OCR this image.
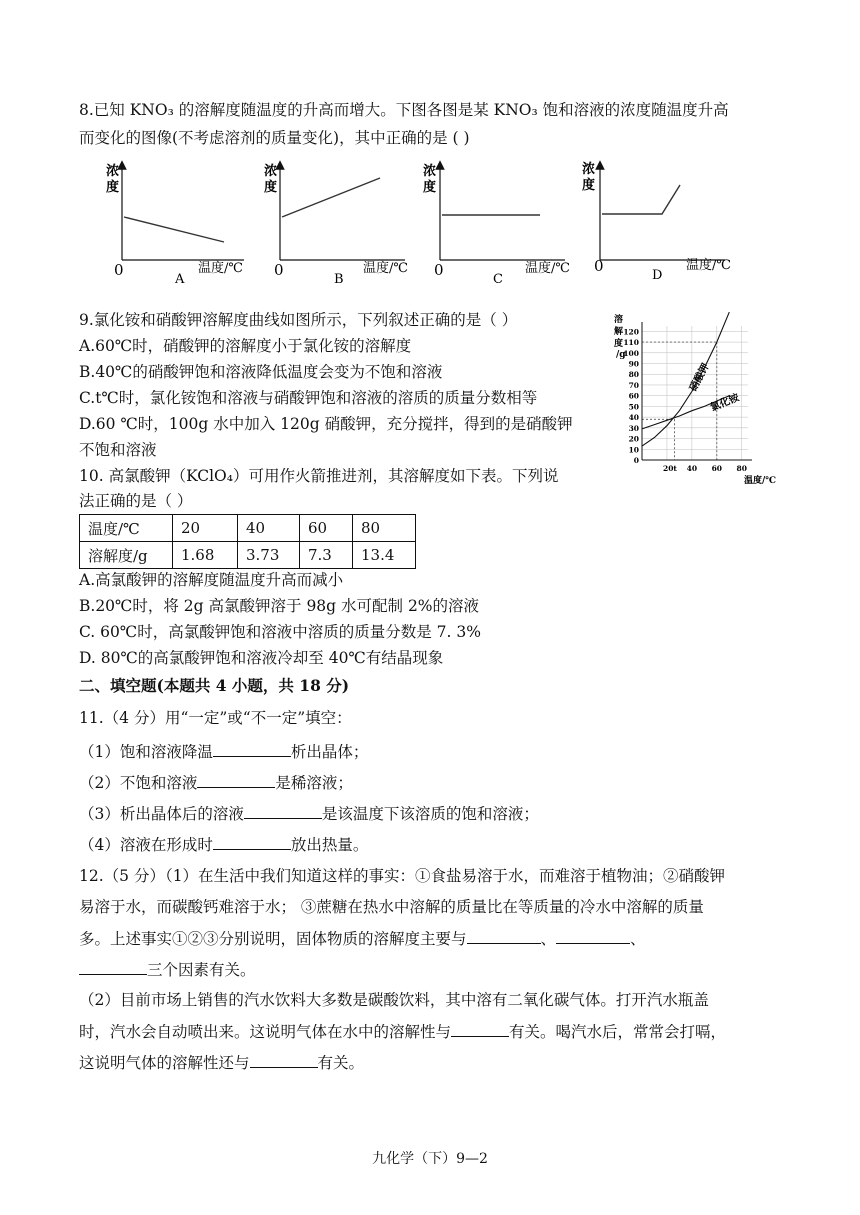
8.已知 KNO₃ 的溶解度随温度的升高而增大。下图各图是某 KNO₃ 饱和溶液的浓度随温度升高
而变化的图像(不考虑溶剂的质量变化)，其中正确的是 ( )
浓
度
0
A
温度/℃
浓
度
0
B
温度/℃
浓
度
0
C
温度/℃
浓
度
0
D
温度/℃
9.氯化铵和硝酸钾溶解度曲线如图所示，下列叙述正确的是（ ）
A.60℃时，硝酸钾的溶解度小于氯化铵的溶解度
B.40℃的硝酸钾饱和溶液降低温度会变为不饱和溶液
C.t℃时，氯化铵饱和溶液与硝酸钾饱和溶液的溶质的质量分数相等
D.60 ℃时，100g 水中加入 120g 硝酸钾，充分搅拌，得到的是硝酸钾
不饱和溶液
0
10
20
30
40
50
60
70
80
90
100
110
120
20t 40 60 80
溶
解
度
/g
温度/℃
硝酸钾
氯化铵
10. 高氯酸钾（KClO₄）可用作火箭推进剂，其溶解度如下表。下列说
法正确的是（ ）
温度/℃	20	40	60	80
溶解度/g	1.68	3.73	7.3	13.4
A.高氯酸钾的溶解度随温度升高而减小
B.20℃时，将 2g 高氯酸钾溶于 98g 水可配制 2%的溶液
C. 60℃时，高氯酸钾饱和溶液中溶质的质量分数是 7. 3%
D. 80℃的高氯酸钾饱和溶液冷却至 40℃有结晶现象
二、填空题(本题共 4 小题，共 18 分)
11.（4 分）用“一定”或“不一定”填空：
（1）饱和溶液降温	析出晶体；
（2）不饱和溶液	是稀溶液；
（3）析出晶体后的溶液	是该温度下该溶质的饱和溶液；
（4）溶液在形成时	放出热量。
12.（5 分）（1）在生活中我们知道这样的事实：①食盐易溶于水，而难溶于植物油；②硝酸钾
易溶于水，而碳酸钙难溶于水； ③蔗糖在热水中溶解的质量比在等质量的冷水中溶解的质量
多。上述事实①②③分别说明，固体物质的溶解度主要与	、	、
三个因素有关。
（2）目前市场上销售的汽水饮料大多数是碳酸饮料，其中溶有二氧化碳气体。打开汽水瓶盖
时，汽水会自动喷出来。这说明气体在水中的溶解性与	有关。喝汽水后，常常会打嗝，
这说明气体的溶解性还与	有关。
九化学（下）9—2
